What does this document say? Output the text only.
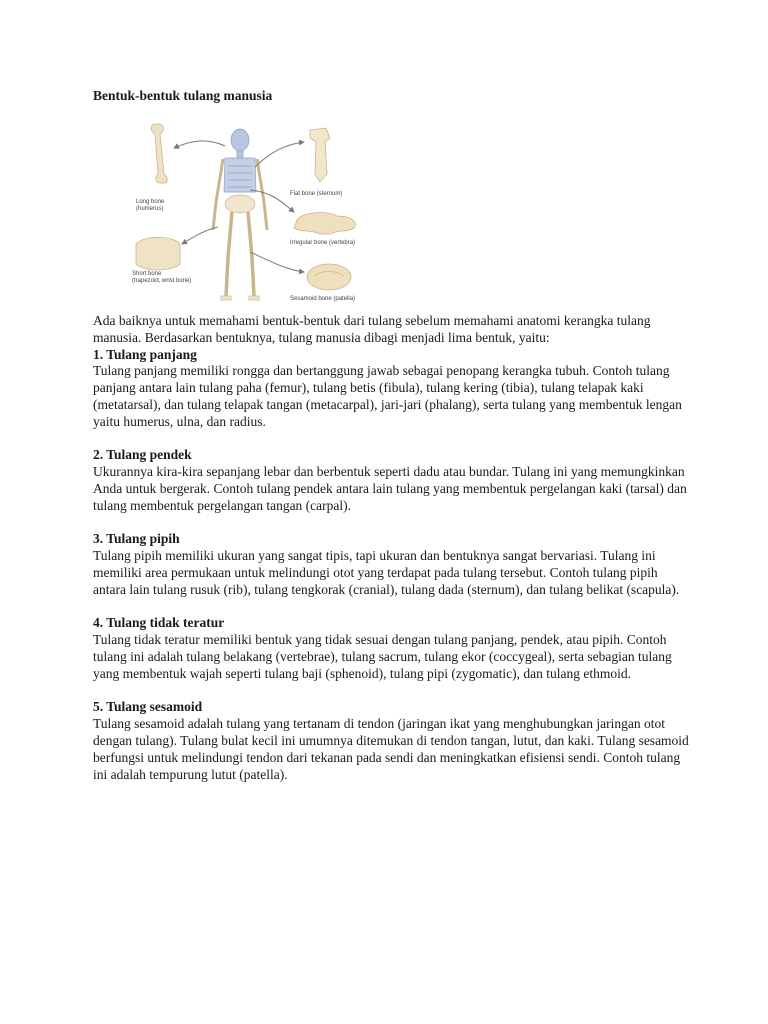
Bentuk-bentuk tulang manusia
Long bone
(humerus)
Flat bone (sternum)
Irregular bone (vertebra)
Short bone
(trapezoid, wrist bone)
Sesamoid bone (patella)

Ada baiknya untuk memahami bentuk-bentuk dari tulang sebelum memahami anatomi kerangka tulang manusia. Berdasarkan bentuknya, tulang manusia dibagi menjadi lima bentuk, yaitu:

1. Tulang panjang

Tulang panjang memiliki rongga dan bertanggung jawab sebagai penopang kerangka tubuh. Contoh tulang panjang antara lain tulang paha (femur), tulang betis (fibula), tulang kering (tibia), tulang telapak kaki (metatarsal), dan tulang telapak tangan (metacarpal), jari-jari (phalang), serta tulang yang membentuk lengan yaitu humerus, ulna, dan radius.

2. Tulang pendek

Ukurannya kira-kira sepanjang lebar dan berbentuk seperti dadu atau bundar. Tulang ini yang memungkinkan Anda untuk bergerak. Contoh tulang pendek antara lain tulang yang membentuk pergelangan kaki (tarsal) dan tulang membentuk pergelangan tangan (carpal).

3. Tulang pipih

Tulang pipih memiliki ukuran yang sangat tipis, tapi ukuran dan bentuknya sangat bervariasi. Tulang ini memiliki area permukaan untuk melindungi otot yang terdapat pada tulang tersebut. Contoh tulang pipih antara lain tulang rusuk (rib), tulang tengkorak (cranial), tulang dada (sternum), dan tulang belikat (scapula).

4. Tulang tidak teratur

Tulang tidak teratur memiliki bentuk yang tidak sesuai dengan tulang panjang, pendek, atau pipih. Contoh tulang ini adalah tulang belakang (vertebrae), tulang sacrum, tulang ekor (coccygeal), serta sebagian tulang yang membentuk wajah seperti tulang baji (sphenoid), tulang pipi (zygomatic), dan tulang ethmoid.

5. Tulang sesamoid

Tulang sesamoid adalah tulang yang tertanam di tendon (jaringan ikat yang menghubungkan jaringan otot dengan tulang). Tulang bulat kecil ini umumnya ditemukan di tendon tangan, lutut, dan kaki. Tulang sesamoid berfungsi untuk melindungi tendon dari tekanan pada sendi dan meningkatkan efisiensi sendi. Contoh tulang ini adalah tempurung lutut (patella).
